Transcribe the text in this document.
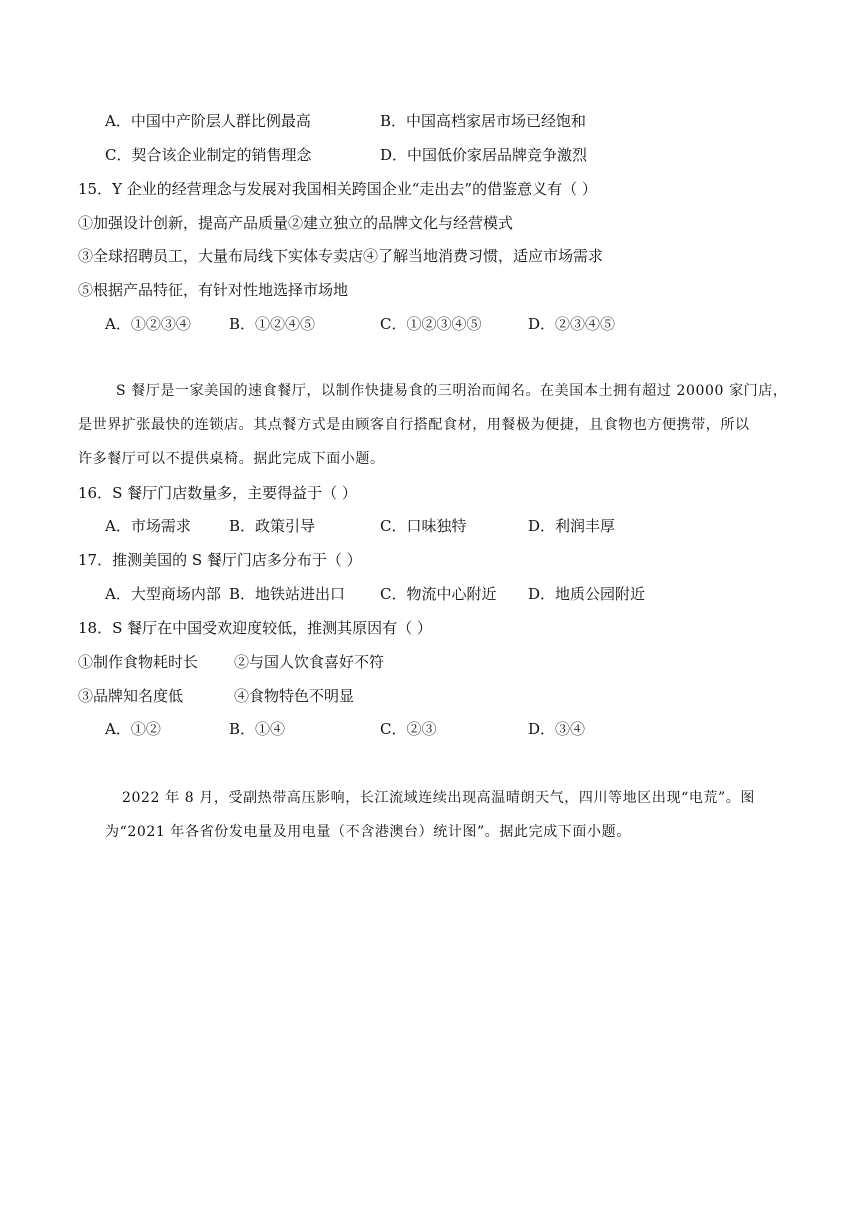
A．中国中产阶层人群比例最高	B．中国高档家居市场已经饱和
C．契合该企业制定的销售理念	D．中国低价家居品牌竞争激烈
15．Y 企业的经营理念与发展对我国相关跨国企业“走出去”的借鉴意义有（ ）
①加强设计创新，提高产品质量②建立独立的品牌文化与经营模式
③全球招聘员工，大量布局线下实体专卖店④了解当地消费习惯，适应市场需求
⑤根据产品特征，有针对性地选择市场地
A．①②③④	B．①②④⑤	C．①②③④⑤	D．②③④⑤
S 餐厅是一家美国的速食餐厅，以制作快捷易食的三明治而闻名。在美国本土拥有超过 20000 家门店，
是世界扩张最快的连锁店。其点餐方式是由顾客自行搭配食材，用餐极为便捷，且食物也方便携带，所以
许多餐厅可以不提供桌椅。据此完成下面小题。
16．S 餐厅门店数量多，主要得益于（ ）
A．市场需求	B．政策引导	C．口味独特	D．利润丰厚
17．推测美国的 S 餐厅门店多分布于（ ）
A．大型商场内部 B．地铁站进出口 C．物流中心附近 D．地质公园附近
18．S 餐厅在中国受欢迎度较低，推测其原因有（ ）
①制作食物耗时长 ②与国人饮食喜好不符
③品牌知名度低	④食物特色不明显
A．①②	B．①④	C．②③	D．③④
2022 年 8 月，受副热带高压影响，长江流域连续出现高温晴朗天气，四川等地区出现“电荒”。图
为“2021 年各省份发电量及用电量（不含港澳台）统计图”。据此完成下面小题。
